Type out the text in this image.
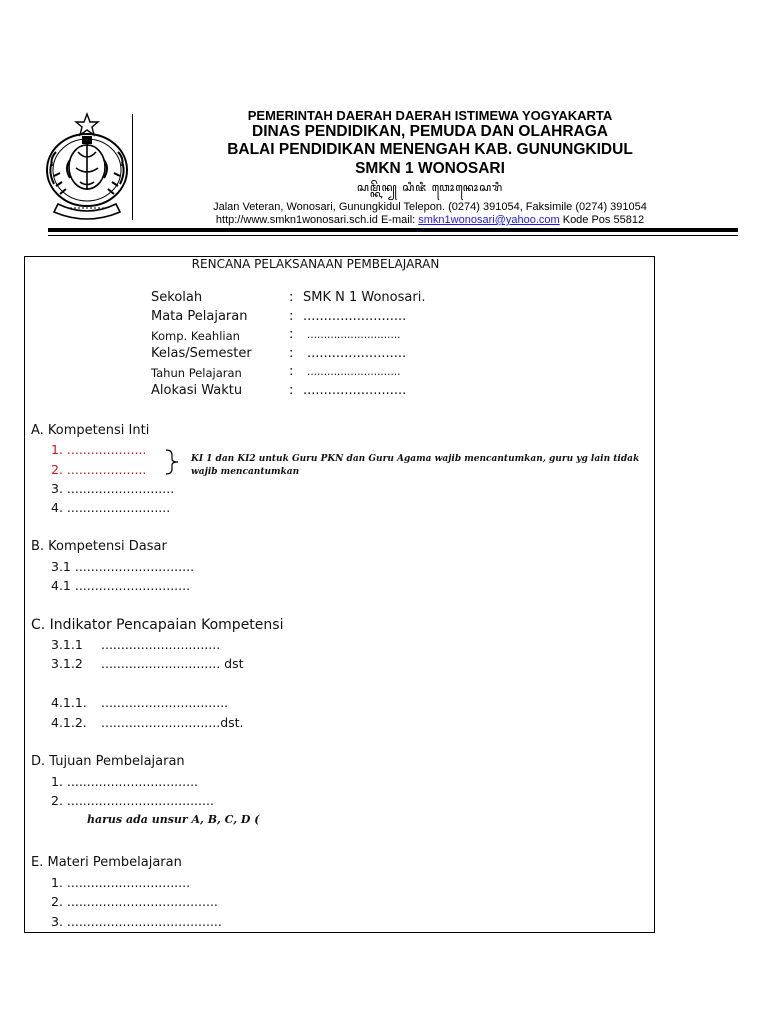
PEMERINTAH DAERAH DAERAH ISTIMEWA YOGYAKARTA
DINAS PENDIDIKAN, PEMUDA DAN OLAHRAGA
BALAI PENDIDIKAN MENENGAH KAB. GUNUNGKIDUL
SMKN 1 WONOSARI
ꦱꦩ꧀ꦏꦼꦤ꧀ ꦱꦶꦗꦶ ꦮꦺꦴꦤꦺꦴꦱꦫꦶ
Jalan Veteran, Wonosari, Gunungkidul Telepon. (0274) 391054, Faksimile (0274) 391054
http://www.smkn1wonosari.sch.id E-mail: smkn1wonosari@yahoo.com Kode Pos 55812
RENCANA PELAKSANAAN PEMBELAJARAN
Sekolah	: SMK N 1 Wonosari.
Mata Pelajaran	: .........................
Komp. Keahlian	: ............................
Kelas/Semester	: ........................
Tahun Pelajaran	: ............................
Alokasi Waktu	: .........................
A. Kompetensi Inti
1. ....................
2. ....................
KI 1 dan KI2 untuk Guru PKN dan Guru Agama wajib mencantumkan, guru yg lain tidak
wajib mencantumkan
3. ...........................
4. ..........................
B. Kompetensi Dasar
3.1 ..............................
4.1 .............................
C. Indikator Pencapaian Kompetensi
3.1.1 ..............................
3.1.2 .............................. dst
4.1.1. ................................
4.1.2. ..............................dst.
D. Tujuan Pembelajaran
1. .................................
2. .....................................
harus ada unsur A, B, C, D (
E. Materi Pembelajaran
1. ...............................
2. ......................................
3. .......................................
